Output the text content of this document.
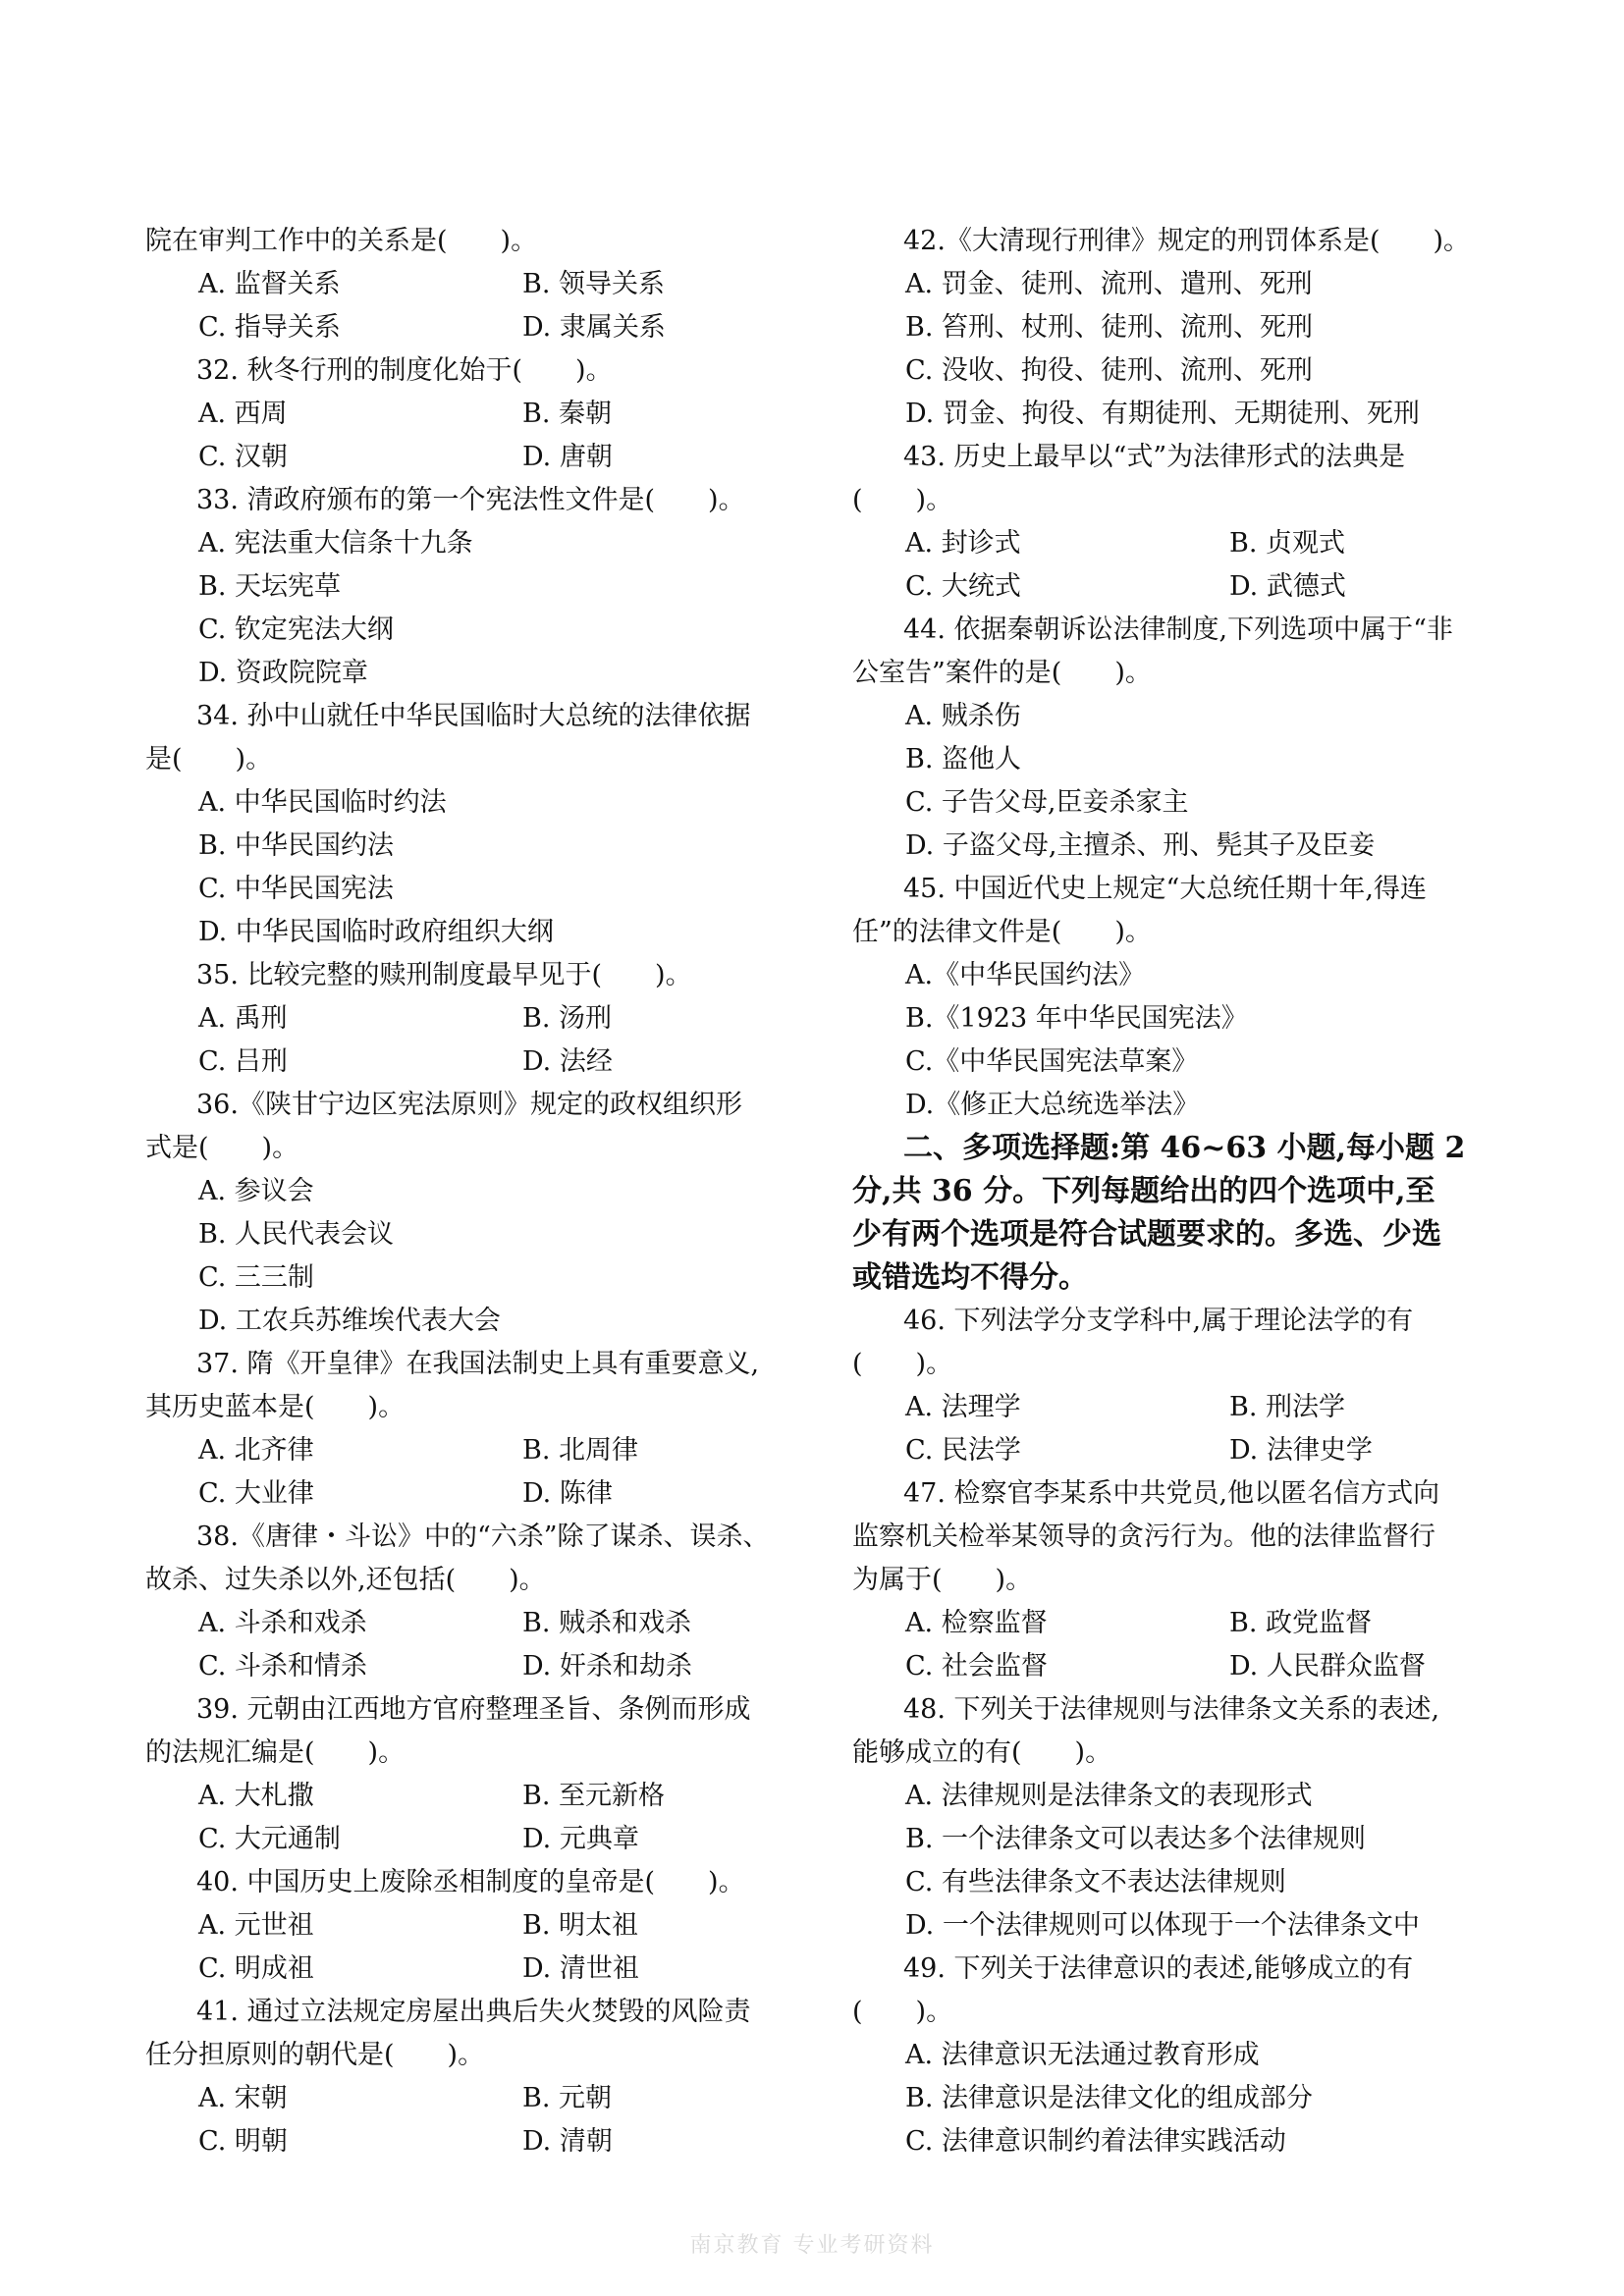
院在审判工作中的关系是(　　)。
A. 监督关系	B. 领导关系
C. 指导关系	D. 隶属关系
32. 秋冬行刑的制度化始于(　　)。
A. 西周	B. 秦朝
C. 汉朝	D. 唐朝
33. 清政府颁布的第一个宪法性文件是(　　)。
A. 宪法重大信条十九条
B. 天坛宪草
C. 钦定宪法大纲
D. 资政院院章
34. 孙中山就任中华民国临时大总统的法律依据
是(　　)。
A. 中华民国临时约法
B. 中华民国约法
C. 中华民国宪法
D. 中华民国临时政府组织大纲
35. 比较完整的赎刑制度最早见于(　　)。
A. 禹刑	B. 汤刑
C. 吕刑	D. 法经
36.《陕甘宁边区宪法原则》规定的政权组织形
式是(　　)。
A. 参议会
B. 人民代表会议
C. 三三制
D. 工农兵苏维埃代表大会
37. 隋《开皇律》在我国法制史上具有重要意义,
其历史蓝本是(　　)。
A. 北齐律	B. 北周律
C. 大业律	D. 陈律
38.《唐律・斗讼》中的“六杀”除了谋杀、误杀、
故杀、过失杀以外,还包括(　　)。
A. 斗杀和戏杀	B. 贼杀和戏杀
C. 斗杀和情杀	D. 奸杀和劫杀
39. 元朝由江西地方官府整理圣旨、条例而形成
的法规汇编是(　　)。
A. 大札撒	B. 至元新格
C. 大元通制	D. 元典章
40. 中国历史上废除丞相制度的皇帝是(　　)。
A. 元世祖	B. 明太祖
C. 明成祖	D. 清世祖
41. 通过立法规定房屋出典后失火焚毁的风险责
任分担原则的朝代是(　　)。
A. 宋朝	B. 元朝
C. 明朝	D. 清朝
42.《大清现行刑律》规定的刑罚体系是(　　)。
A. 罚金、徒刑、流刑、遣刑、死刑
B. 笞刑、杖刑、徒刑、流刑、死刑
C. 没收、拘役、徒刑、流刑、死刑
D. 罚金、拘役、有期徒刑、无期徒刑、死刑
43. 历史上最早以“式”为法律形式的法典是
(　　)。
A. 封诊式	B. 贞观式
C. 大统式	D. 武德式
44. 依据秦朝诉讼法律制度,下列选项中属于“非
公室告”案件的是(　　)。
A. 贼杀伤
B. 盗他人
C. 子告父母,臣妾杀家主
D. 子盗父母,主擅杀、刑、髡其子及臣妾
45. 中国近代史上规定“大总统任期十年,得连
任”的法律文件是(　　)。
A.《中华民国约法》
B.《1923 年中华民国宪法》
C.《中华民国宪法草案》
D.《修正大总统选举法》
二、多项选择题:第 46~63 小题,每小题 2
分,共 36 分。下列每题给出的四个选项中,至
少有两个选项是符合试题要求的。多选、少选
或错选均不得分。
46. 下列法学分支学科中,属于理论法学的有
(　　)。
A. 法理学	B. 刑法学
C. 民法学	D. 法律史学
47. 检察官李某系中共党员,他以匿名信方式向
监察机关检举某领导的贪污行为。他的法律监督行
为属于(　　)。
A. 检察监督	B. 政党监督
C. 社会监督	D. 人民群众监督
48. 下列关于法律规则与法律条文关系的表述,
能够成立的有(　　)。
A. 法律规则是法律条文的表现形式
B. 一个法律条文可以表达多个法律规则
C. 有些法律条文不表达法律规则
D. 一个法律规则可以体现于一个法律条文中
49. 下列关于法律意识的表述,能够成立的有
(　　)。
A. 法律意识无法通过教育形成
B. 法律意识是法律文化的组成部分
C. 法律意识制约着法律实践活动
南京教育 专业考研资料
